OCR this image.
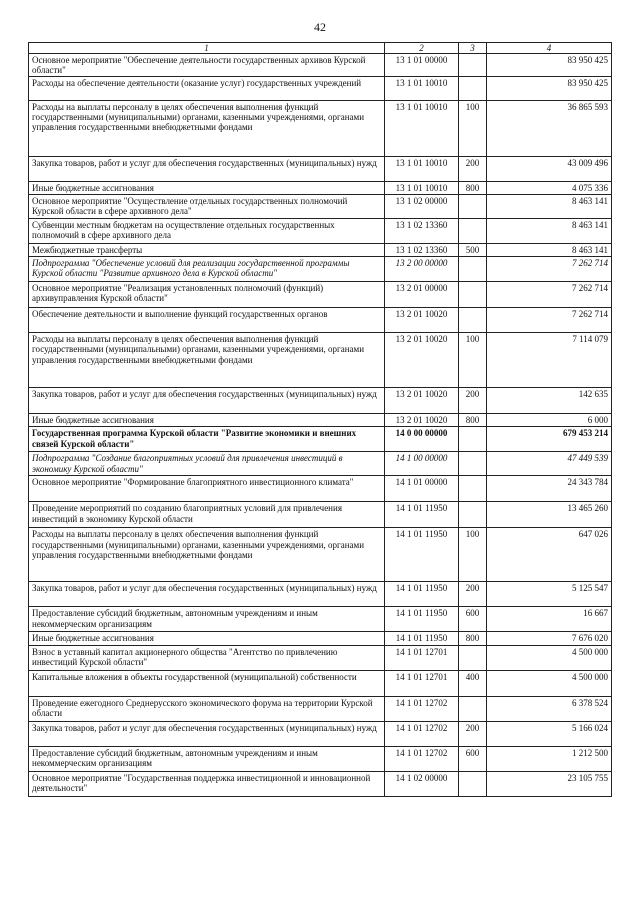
42
1	2	3	4
Основное мероприятие "Обеспечение деятельности государственных архивов Курской области"	13 1 01 00000		83 950 425
Расходы на обеспечение деятельности (оказание услуг) государственных учреждений	13 1 01 10010		83 950 425
Расходы на выплаты персоналу в целях обеспечения выполнения функций государственными (муниципальными) органами, казенными учреждениями, органами управления государственными внебюджетными фондами	13 1 01 10010	100	36 865 593
Закупка товаров, работ и услуг для обеспечения государственных (муниципальных) нужд	13 1 01 10010	200	43 009 496
Иные бюджетные ассигнования	13 1 01 10010	800	4 075 336
Основное мероприятие "Осуществление отдельных государственных полномочий Курской области в сфере архивного дела"	13 1 02 00000		8 463 141
Субвенции местным бюджетам на осуществление отдельных государственных полномочий в сфере архивного дела	13 1 02 13360		8 463 141
Межбюджетные трансферты	13 1 02 13360	500	8 463 141
Подпрограмма "Обеспечение условий для реализации государственной программы Курской области "Развитие архивного дела в Курской области"	13 2 00 00000		7 262 714
Основное мероприятие "Реализация установленных полномочий (функций) архивуправления Курской области"	13 2 01 00000		7 262 714
Обеспечение деятельности и выполнение функций государственных органов	13 2 01 10020		7 262 714
Расходы на выплаты персоналу в целях обеспечения выполнения функций государственными (муниципальными) органами, казенными учреждениями, органами управления государственными внебюджетными фондами	13 2 01 10020	100	7 114 079
Закупка товаров, работ и услуг для обеспечения государственных (муниципальных) нужд	13 2 01 10020	200	142 635
Иные бюджетные ассигнования	13 2 01 10020	800	6 000
Государственная программа Курской области "Развитие экономики и внешних связей Курской области"	14 0 00 00000		679 453 214
Подпрограмма "Создание благоприятных условий для привлечения инвестиций в экономику Курской области"	14 1 00 00000		47 449 539
Основное мероприятие "Формирование благоприятного инвестиционного климата"	14 1 01 00000		24 343 784
Проведение мероприятий по созданию благоприятных условий для привлечения инвестиций в экономику Курской области	14 1 01 11950		13 465 260
Расходы на выплаты персоналу в целях обеспечения выполнения функций государственными (муниципальными) органами, казенными учреждениями, органами управления государственными внебюджетными фондами	14 1 01 11950	100	647 026
Закупка товаров, работ и услуг для обеспечения государственных (муниципальных) нужд	14 1 01 11950	200	5 125 547
Предоставление субсидий бюджетным, автономным учреждениям и иным некоммерческим организациям	14 1 01 11950	600	16 667
Иные бюджетные ассигнования	14 1 01 11950	800	7 676 020
Взнос в уставный капитал акционерного общества "Агентство по привлечению инвестиций Курской области"	14 1 01 12701		4 500 000
Капитальные вложения в объекты государственной (муниципальной) собственности	14 1 01 12701	400	4 500 000
Проведение ежегодного Среднерусского экономического форума на территории Курской области	14 1 01 12702		6 378 524
Закупка товаров, работ и услуг для обеспечения государственных (муниципальных) нужд	14 1 01 12702	200	5 166 024
Предоставление субсидий бюджетным, автономным учреждениям и иным некоммерческим организациям	14 1 01 12702	600	1 212 500
Основное мероприятие "Государственная поддержка инвестиционной и инновационной деятельности"	14 1 02 00000		23 105 755
